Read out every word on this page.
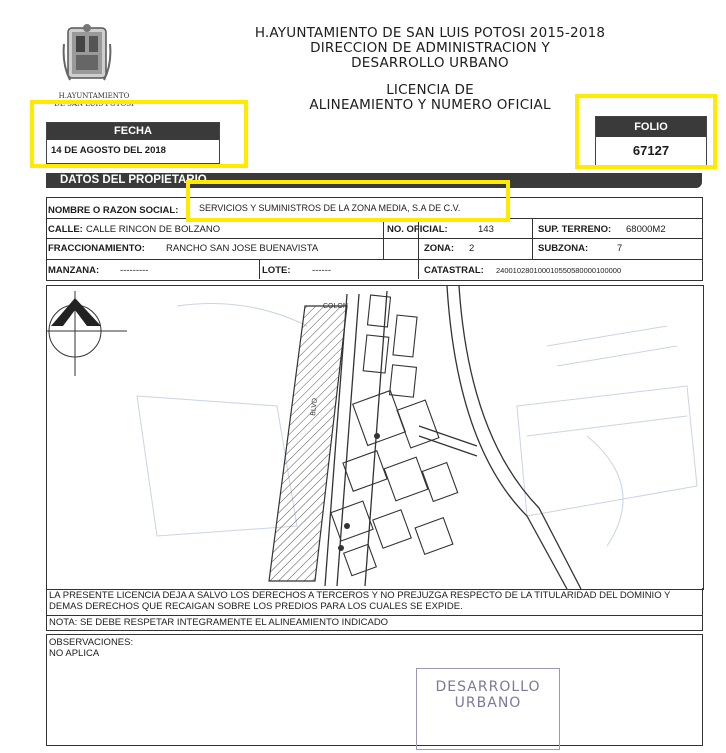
H.AYUNTAMIENTO
DE SAN LUIS POTOSI
H.AYUNTAMIENTO DE SAN LUIS POTOSI 2015-2018
DIRECCION DE ADMINISTRACION Y
DESARROLLO URBANO
LICENCIA DE
ALINEAMIENTO Y NUMERO OFICIAL
FECHA
14 DE AGOSTO DEL 2018
FOLIO
67127
DATOS DEL PROPIETARIO
NOMBRE O RAZON SOCIAL: SERVICIOS Y SUMINISTROS DE LA ZONA MEDIA, S.A DE C.V.
CALLE: CALLE RINCON DE BOLZANO	NO. OFICIAL:	143	SUP. TERRENO: 68000M2
FRACCIONAMIENTO: RANCHO SAN JOSE BUENAVISTA	ZONA: 2	SUBZONA:	7
MANZANA: ---------	LOTE: ------	CATASTRAL: 240010280100010550580000100000
COLON
BLVD
LA PRESENTE LICENCIA DEJA A SALVO LOS DERECHOS A TERCEROS Y NO PREJUZGA RESPECTO DE LA TITULARIDAD DEL DOMINIO Y DEMAS DERECHOS QUE RECAIGAN SOBRE LOS PREDIOS PARA LOS CUALES SE EXPIDE.
NOTA: SE DEBE RESPETAR INTEGRAMENTE EL ALINEAMIENTO INDICADO
OBSERVACIONES:
NO APLICA
DESARROLLO
URBANO
